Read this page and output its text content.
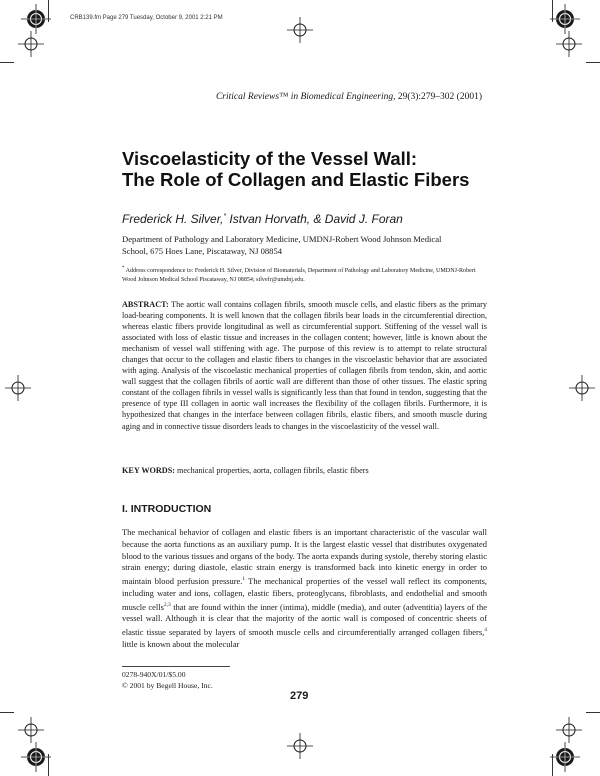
CRB139.fm Page 279 Tuesday, October 9, 2001 2:21 PM
Critical Reviews™ in Biomedical Engineering, 29(3):279–302 (2001)
Viscoelasticity of the Vessel Wall:
The Role of Collagen and Elastic Fibers
Frederick H. Silver,* Istvan Horvath, & David J. Foran
Department of Pathology and Laboratory Medicine, UMDNJ-Robert Wood Johnson Medical
School, 675 Hoes Lane, Piscataway, NJ 08854
* Address correspondence to: Frederick H. Silver, Division of Biomaterials, Department of Pathology and Laboratory Medicine, UMDNJ-Robert Wood Johnson Medical School Piscataway, NJ 08854; silvefr@umdnj.edu.
ABSTRACT: The aortic wall contains collagen fibrils, smooth muscle cells, and elastic fibers as the primary load-bearing components. It is well known that the collagen fibrils bear loads in the circumferential direction, whereas elastic fibers provide longitudinal as well as circumferential support. Stiffening of the vessel wall is associated with loss of elastic tissue and increases in the collagen content; however, little is known about the mechanism of vessel wall stiffening with age. The purpose of this review is to attempt to relate structural changes that occur to the collagen and elastic fibers to changes in the viscoelastic behavior that are associated with aging. Analysis of the viscoelastic mechanical properties of collagen fibrils from tendon, skin, and aortic wall suggest that the collagen fibrils of aortic wall are different than those of other tissues. The elastic spring constant of the collagen fibrils in vessel walls is significantly less than that found in tendon, suggesting that the presence of type III collagen in aortic wall increases the flexibility of the collagen fibrils. Furthermore, it is hypothesized that changes in the interface between collagen fibrils, elastic fibers, and smooth muscle during aging and in connective tissue disorders leads to changes in the viscoelasticity of the vessel wall.
KEY WORDS: mechanical properties, aorta, collagen fibrils, elastic fibers
I. INTRODUCTION
The mechanical behavior of collagen and elastic fibers is an important characteristic of the vascular wall because the aorta functions as an auxiliary pump. It is the largest elastic vessel that distributes oxygenated blood to the various tissues and organs of the body. The aorta expands during systole, thereby storing elastic strain energy; during diastole, elastic strain energy is transformed back into kinetic energy in order to maintain blood perfusion pressure.$^1$ The mechanical properties of the vessel wall reflect its components, including water and ions, collagen, elastic fibers, proteoglycans, fibroblasts, and endothelial and smooth muscle cells$^{2,3}$ that are found within the inner (intima), middle (media), and outer (adventitia) layers of the vessel wall. Although it is clear that the majority of the aortic wall is composed of concentric sheets of elastic tissue separated by layers of smooth muscle cells and circumferentially arranged collagen fibers,$^4$ little is known about the molecular
0278-940X/01/$5.00
© 2001 by Begell House, Inc.
279
